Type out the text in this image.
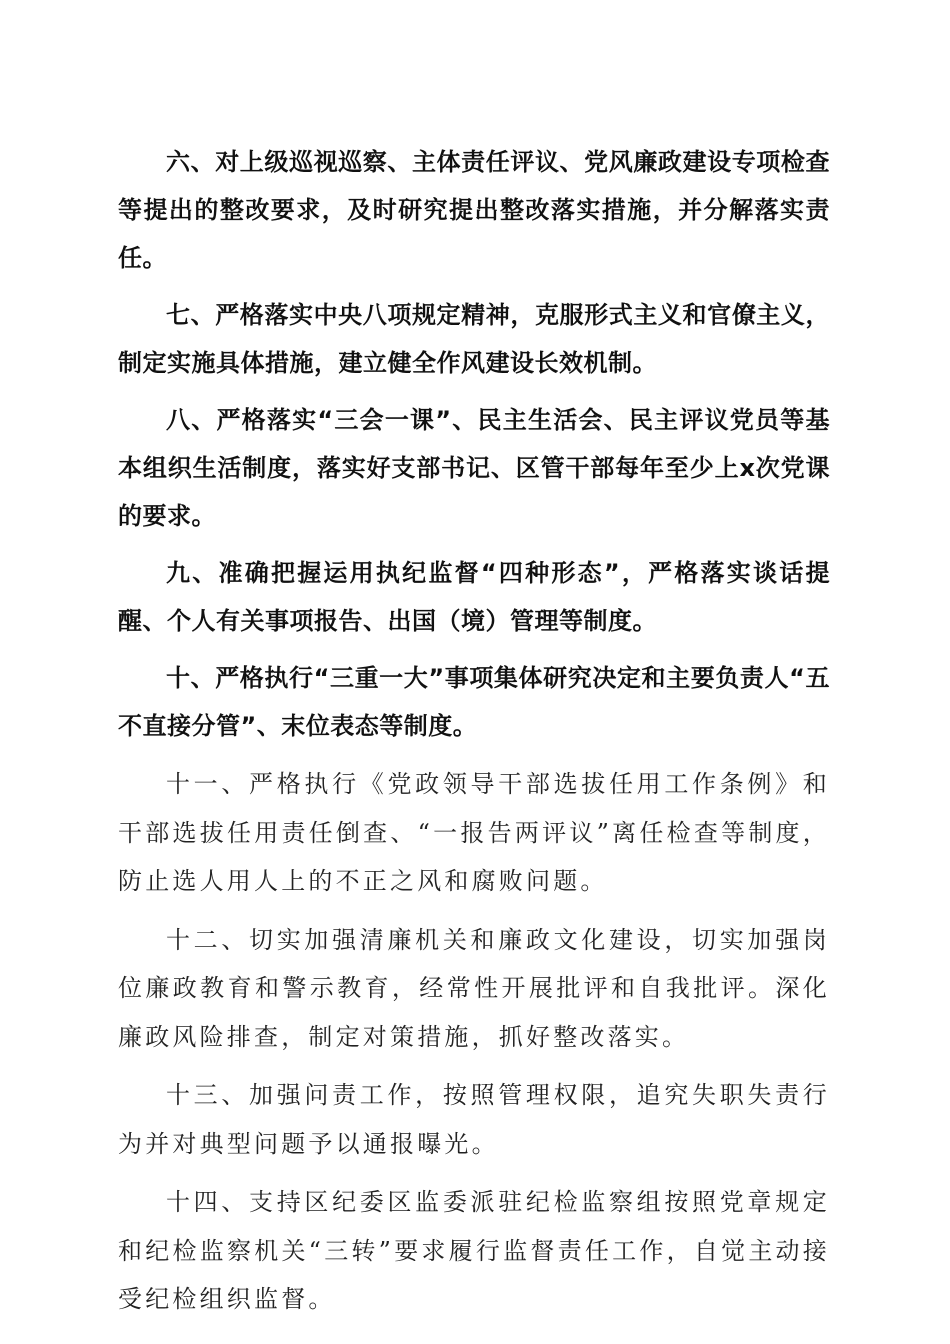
六、对上级巡视巡察、主体责任评议、党风廉政建设专项检查等提出的整改要求，及时研究提出整改落实措施，并分解落实责任。

七、严格落实中央八项规定精神，克服形式主义和官僚主义，制定实施具体措施，建立健全作风建设长效机制。

八、严格落实“三会一课”、民主生活会、民主评议党员等基本组织生活制度，落实好支部书记、区管干部每年至少上x次党课的要求。

九、准确把握运用执纪监督“四种形态”，严格落实谈话提醒、个人有关事项报告、出国（境）管理等制度。

十、严格执行“三重一大”事项集体研究决定和主要负责人“五不直接分管”、末位表态等制度。

十一、严格执行《党政领导干部选拔任用工作条例》和干部选拔任用责任倒查、“一报告两评议”离任检查等制度，防止选人用人上的不正之风和腐败问题。

十二、切实加强清廉机关和廉政文化建设，切实加强岗位廉政教育和警示教育，经常性开展批评和自我批评。深化廉政风险排查，制定对策措施，抓好整改落实。

十三、加强问责工作，按照管理权限，追究失职失责行为并对典型问题予以通报曝光。

十四、支持区纪委区监委派驻纪检监察组按照党章规定和纪检监察机关“三转”要求履行监督责任工作，自觉主动接受纪检组织监督。
